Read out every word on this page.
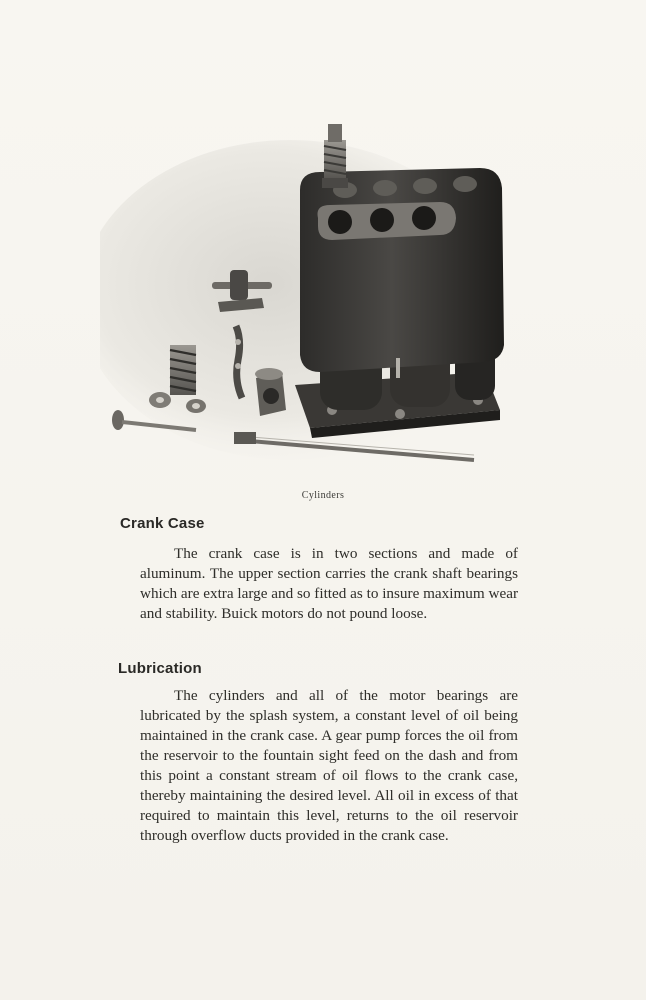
Cylinders
Crank Case

The crank case is in two sections and made of aluminum. The upper section carries the crank shaft bearings which are extra large and so fitted as to insure maximum wear and stability. Buick motors do not pound loose.

Lubrication

The cylinders and all of the motor bearings are lubricated by the splash system, a constant level of oil being maintained in the crank case. A gear pump forces the oil from the reservoir to the fountain sight feed on the dash and from this point a constant stream of oil flows to the crank case, thereby maintaining the desired level. All oil in excess of that required to maintain this level, returns to the oil reservoir through overflow ducts provided in the crank case.
